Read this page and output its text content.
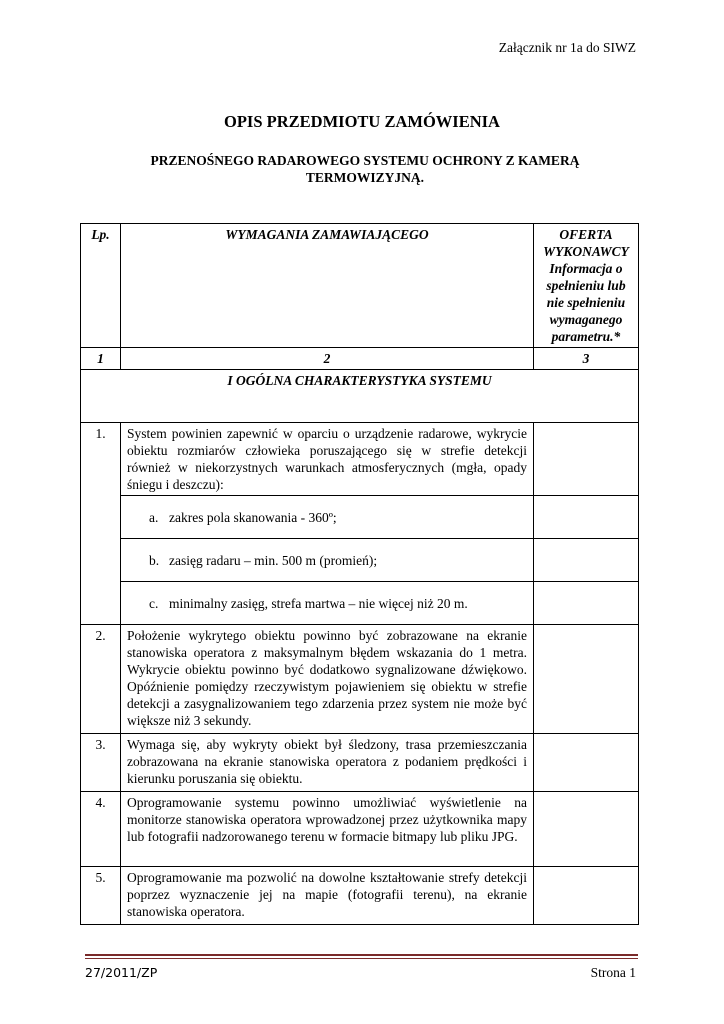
Załącznik nr 1a do SIWZ
OPIS PRZEDMIOTU ZAMÓWIENIA
PRZENOŚNEGO RADAROWEGO SYSTEMU OCHRONY Z KAMERĄ TERMOWIZYJNĄ.
Lp.	WYMAGANIA ZAMAWIAJĄCEGO	OFERTA WYKONAWCY Informacja o spełnieniu lub nie spełnieniu wymaganego parametru.*
1	2	3
I OGÓLNA CHARAKTERYSTYKA SYSTEMU		
1.	System powinien zapewnić w oparciu o urządzenie radarowe, wykrycie obiektu rozmiarów człowieka poruszającego się w strefie detekcji również w niekorzystnych warunkach atmosferycznych (mgła, opady śniegu i deszczu):	
	a. zakres pola skanowania - 360º;	
	b. zasięg radaru – min. 500 m (promień);	
	c. minimalny zasięg, strefa martwa – nie więcej niż 20 m.	
2.	Położenie wykrytego obiektu powinno być zobrazowane na ekranie stanowiska operatora z maksymalnym błędem wskazania do 1 metra. Wykrycie obiektu powinno być dodatkowo sygnalizowane dźwiękowo. Opóźnienie pomiędzy rzeczywistym pojawieniem się obiektu w strefie detekcji a zasygnalizowaniem tego zdarzenia przez system nie może być większe niż 3 sekundy.	
3.	Wymaga się, aby wykryty obiekt był śledzony, trasa przemieszczania zobrazowana na ekranie stanowiska operatora z podaniem prędkości i kierunku poruszania się obiektu.	
4.	Oprogramowanie systemu powinno umożliwiać wyświetlenie na monitorze stanowiska operatora wprowadzonej przez użytkownika mapy lub fotografii nadzorowanego terenu w formacie bitmapy lub pliku JPG.	
5.	Oprogramowanie ma pozwolić na dowolne kształtowanie strefy detekcji poprzez wyznaczenie jej na mapie (fotografii terenu), na ekranie stanowiska operatora.	
27/2011/ZP	Strona 1
